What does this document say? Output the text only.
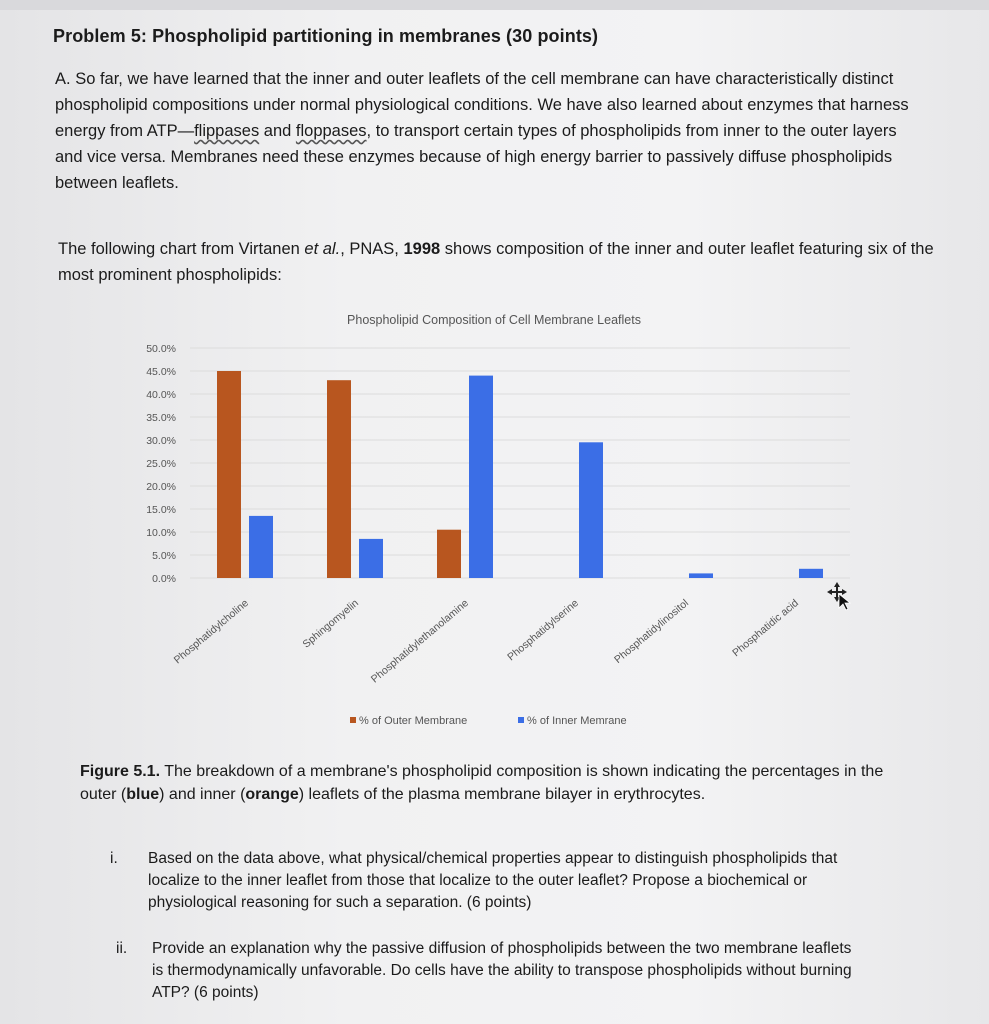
Problem 5: Phospholipid partitioning in membranes (30 points)
A. So far, we have learned that the inner and outer leaflets of the cell membrane can have characteristically distinct phospholipid compositions under normal physiological conditions. We have also learned about enzymes that harness energy from ATP—flippases and floppases, to transport certain types of phospholipids from inner to the outer layers and vice versa. Membranes need these enzymes because of high energy barrier to passively diffuse phospholipids between leaflets.
The following chart from Virtanen et al., PNAS, 1998 shows composition of the inner and outer leaflet featuring six of the most prominent phospholipids:
Phospholipid Composition of Cell Membrane Leaflets
0.0%
5.0%
10.0%
15.0%
20.0%
25.0%
30.0%
35.0%
40.0%
45.0%
50.0%
Phosphatidylcholine	Sphingomyelin Phosphatidylethanolamine	Phosphatidylserine	Phosphatidylinositol	Phosphatidic acid
% of Outer Membrane	% of Inner Memrane
Figure 5.1. The breakdown of a membrane's phospholipid composition is shown indicating the percentages in the outer (blue) and inner (orange) leaflets of the plasma membrane bilayer in erythrocytes.
i. Based on the data above, what physical/chemical properties appear to distinguish phospholipids that localize to the inner leaflet from those that localize to the outer leaflet? Propose a biochemical or physiological reasoning for such a separation. (6 points)
ii. Provide an explanation why the passive diffusion of phospholipids between the two membrane leaflets is thermodynamically unfavorable. Do cells have the ability to transpose phospholipids without burning ATP? (6 points)
